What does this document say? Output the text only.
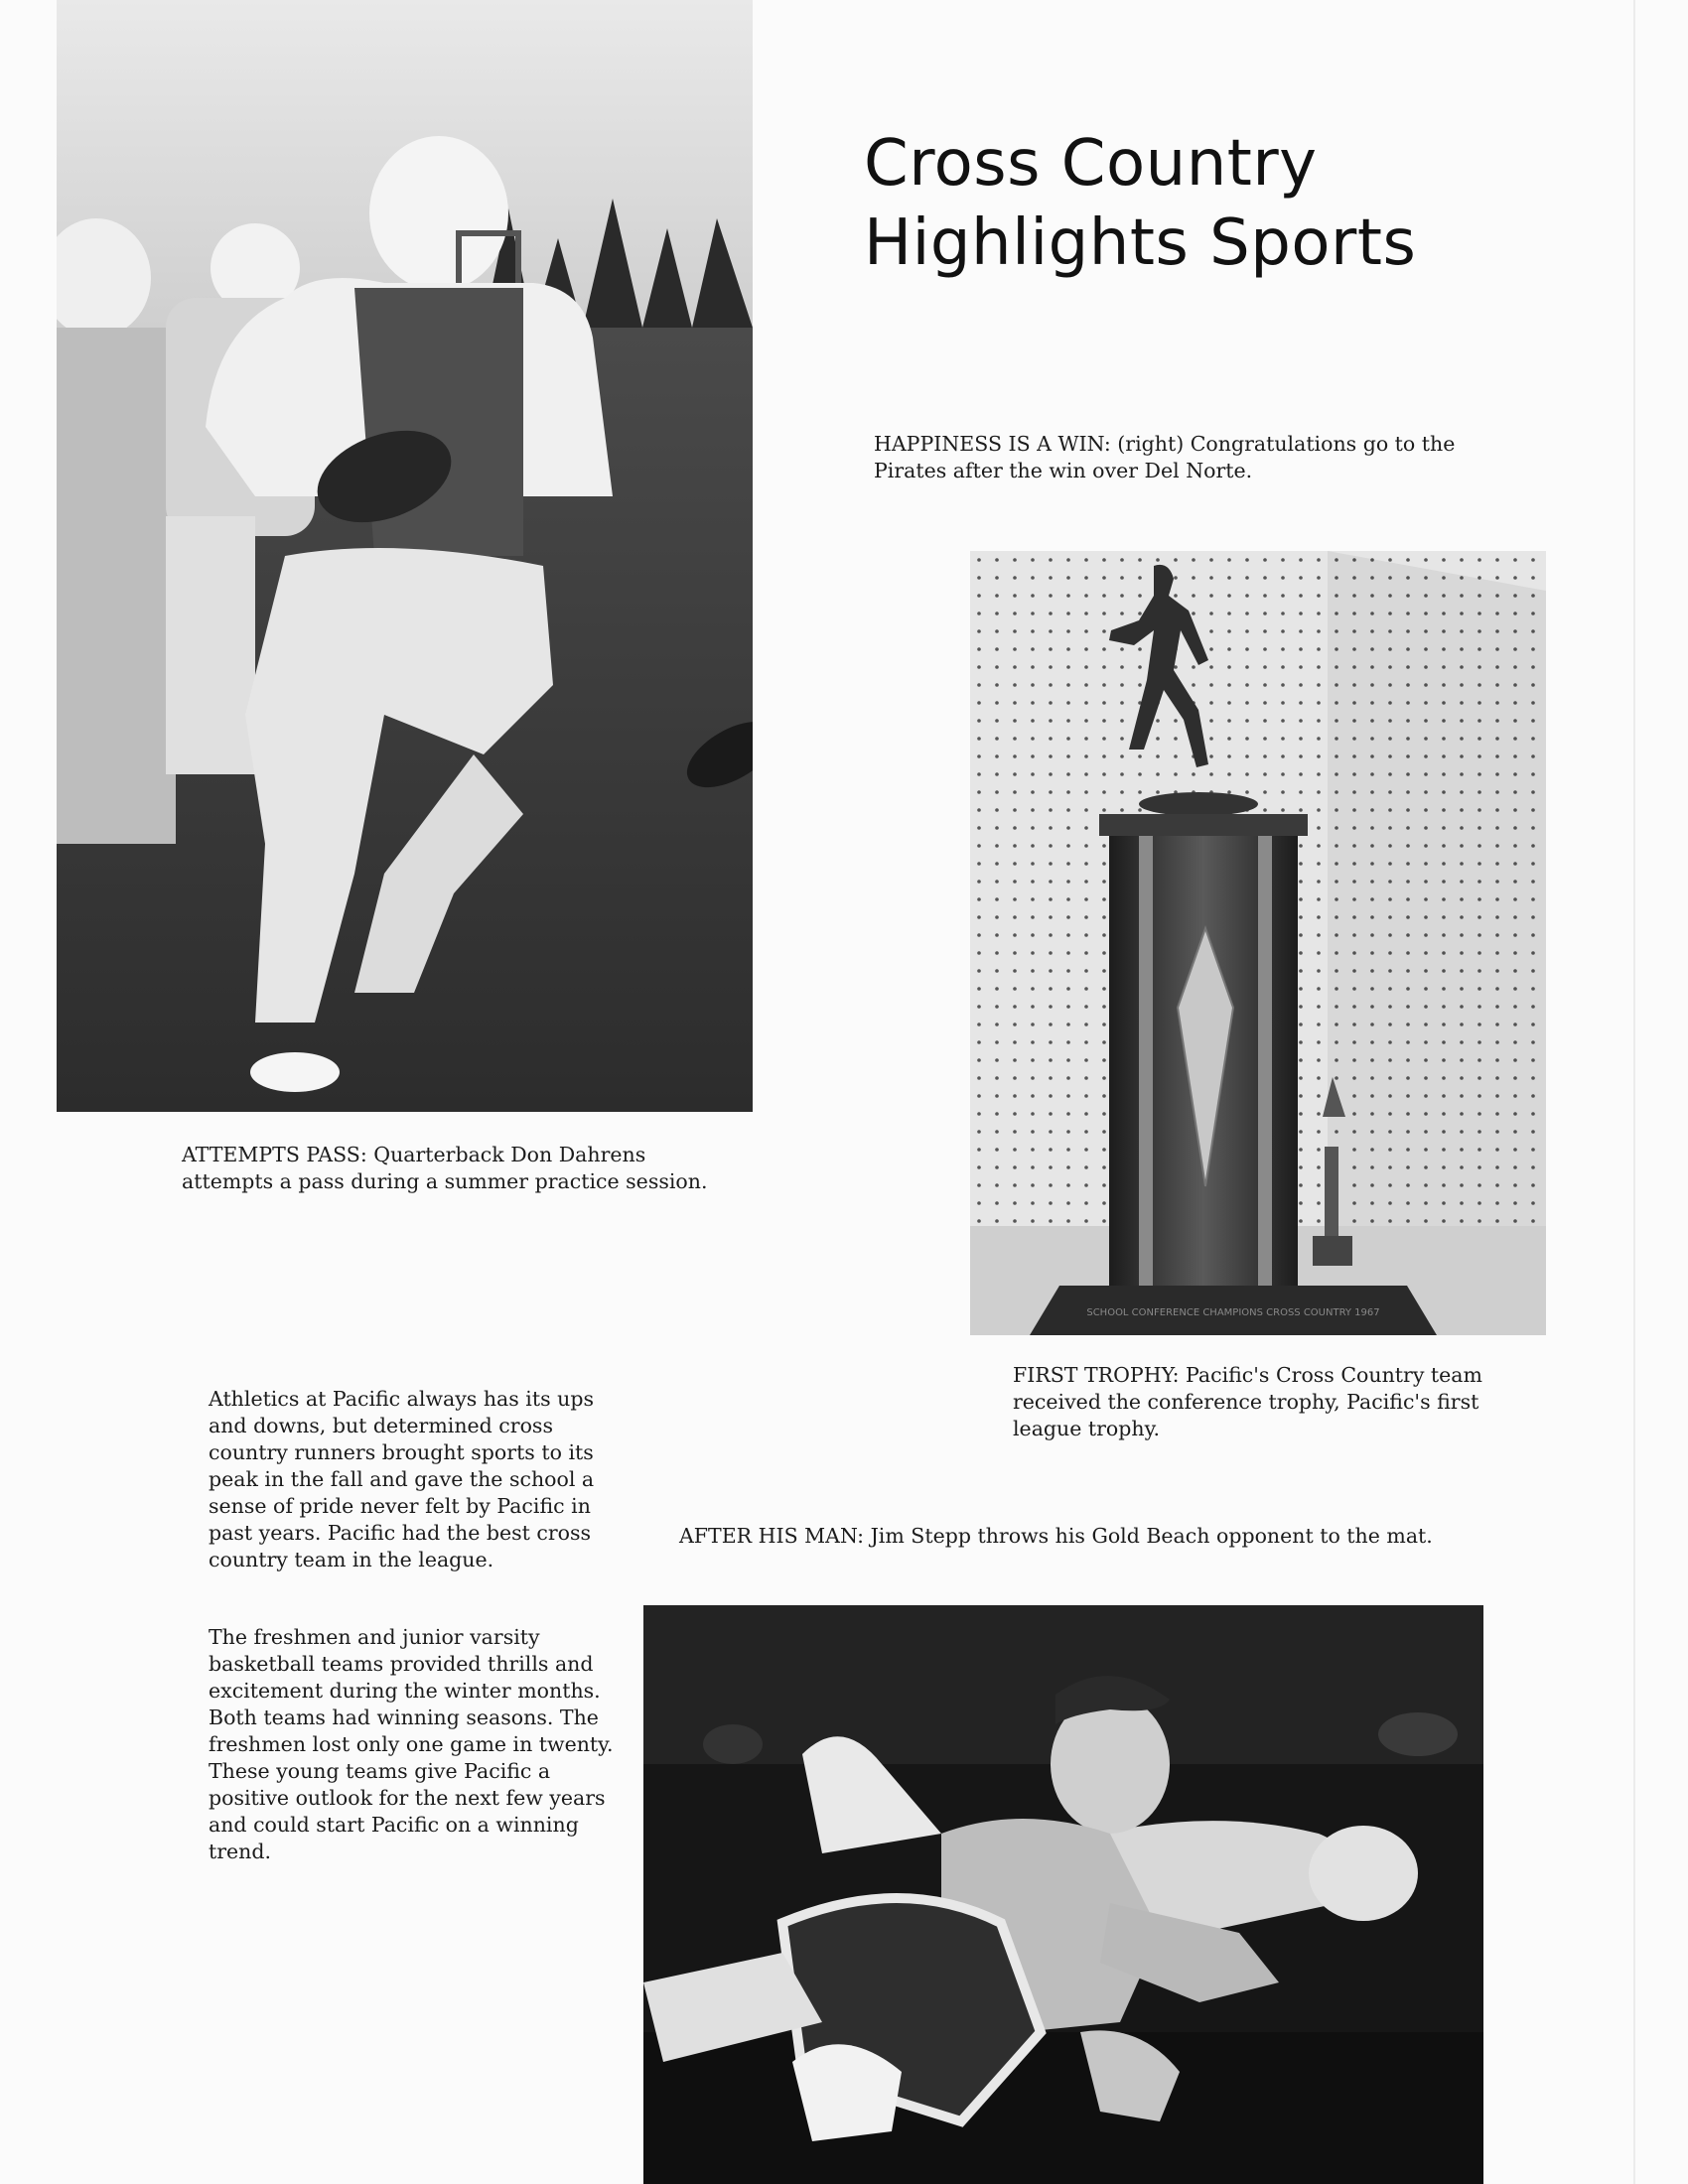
Cross Country
Highlights Sports

HAPPINESS IS A WIN: (right) Congratulations go to the Pirates after the win over Del Norte.

SCHOOL CONFERENCE CHAMPIONS CROSS COUNTRY 1967

ATTEMPTS PASS: Quarterback Don Dahrens attempts a pass during a summer practice session.

FIRST TROPHY: Pacific's Cross Country team received the conference trophy, Pacific's first league trophy.

Athletics at Pacific always has its ups and downs, but determined cross country runners brought sports to its peak in the fall and gave the school a sense of pride never felt by Pacific in past years. Pacific had the best cross country team in the league.

AFTER HIS MAN: Jim Stepp throws his Gold Beach opponent to the mat.

The freshmen and junior varsity basketball teams provided thrills and excitement during the winter months. Both teams had winning seasons. The freshmen lost only one game in twenty. These young teams give Pacific a positive outlook for the next few years and could start Pacific on a winning trend.
